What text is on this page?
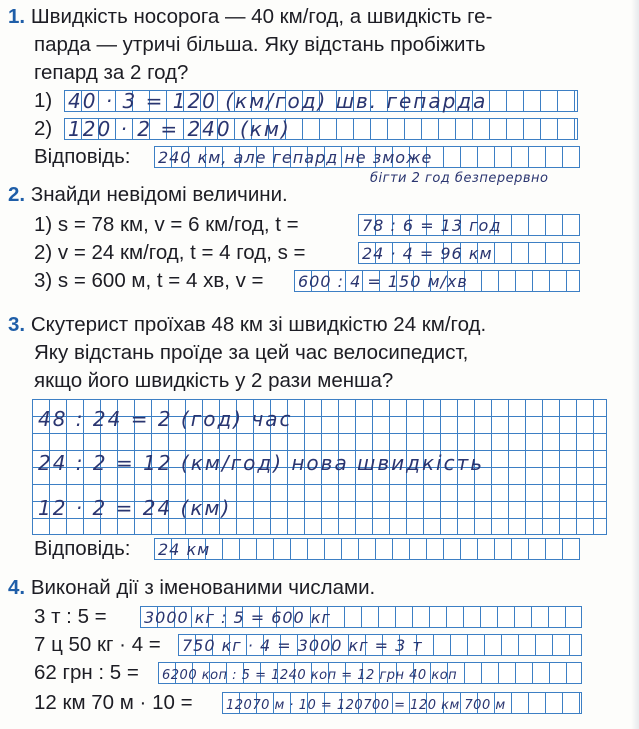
1. Швидкість носорога — 40 км/год, а швидкість ге-
парда — утричі більша. Яку відстань пробіжить
гепард за 2 год?
1) 40 · 3 = 120 (км/год) шв. гепарда
2) 120 · 2 = 240 (км)
Відповідь: 240 км, але гепард не зможе
бігти 2 год безперервно
2. Знайди невідомі величини.
1) s = 78 км, v = 6 км/год, t =	78 : 6 = 13 год
2) v = 24 км/год, t = 4 год, s =	24 · 4 = 96 км
3) s = 600 м, t = 4 хв, v = 600 : 4 = 150 м/хв
3. Скутерист проїхав 48 км зі швидкістю 24 км/год.
Яку відстань проїде за цей час велосипедист,
якщо його швидкість у 2 рази менша?
48 : 24 = 2 (год) час
24 : 2 = 12 (км/год) нова швидкість
12 · 2 = 24 (км)
Відповідь: 24 км
4. Виконай дії з іменованими числами.
3 т : 5 = 3000 кг : 5 = 600 кг
7 ц 50 кг · 4 = 750 кг · 4 = 3000 кг = 3 т
62 грн : 5 = 6200 коп : 5 = 1240 коп = 12 грн 40 коп
12 км 70 м · 10 =	12070 м · 10 = 120700 = 120 км 700 м
